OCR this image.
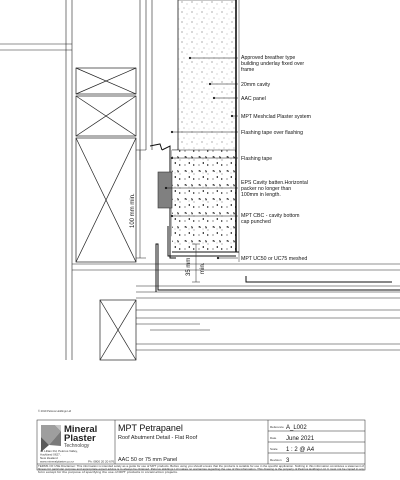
100 mm min.
35 mm min.
Approved breather type
building underlay fixed over
frame
20mm cavity
AAC panel
MPT Meshclad Plaster system
Flashing tape over flashing
Flashing tape
EPS Cavity batten.Horizontal
packer no longer than
100mm in length.
MPT CBC - cavity bottom
cap punched
MPT UC50 or UC75 meshed
© 2019 Pelorus Holdings Ltd
Mineral
Plaster
Technology
41 Lillian Rd, Pelorus Valley,
Auckland 0627,
New Zealand
www.mineralplaster.co.nz	Ph: 0800 20 20 676
MPT Petrapanel
Roof Abutment Detail - Flat Roof
AAC 50 or 75 mm Panel
Reference A_L002
Date June 2021
Scale 1 : 2 @ A4
Revision 3
TERMS OF USE Disclaimer: This information is intended solely as a guide for use of MPT products. Before using you should ensure that the products is suitable for use in the specific application. Nothing in this information constitutes a statement of
fitness for particular purpose and appropriate expert advice is to always be obtained. Pelorus Holdings Ltd makes no warranties regarding the use of this information. This drawing is the property of Pelorus Holdings Ltd. It must not be copied in any
form except for the purpose of specifying the use of MPT products in construction projects.
